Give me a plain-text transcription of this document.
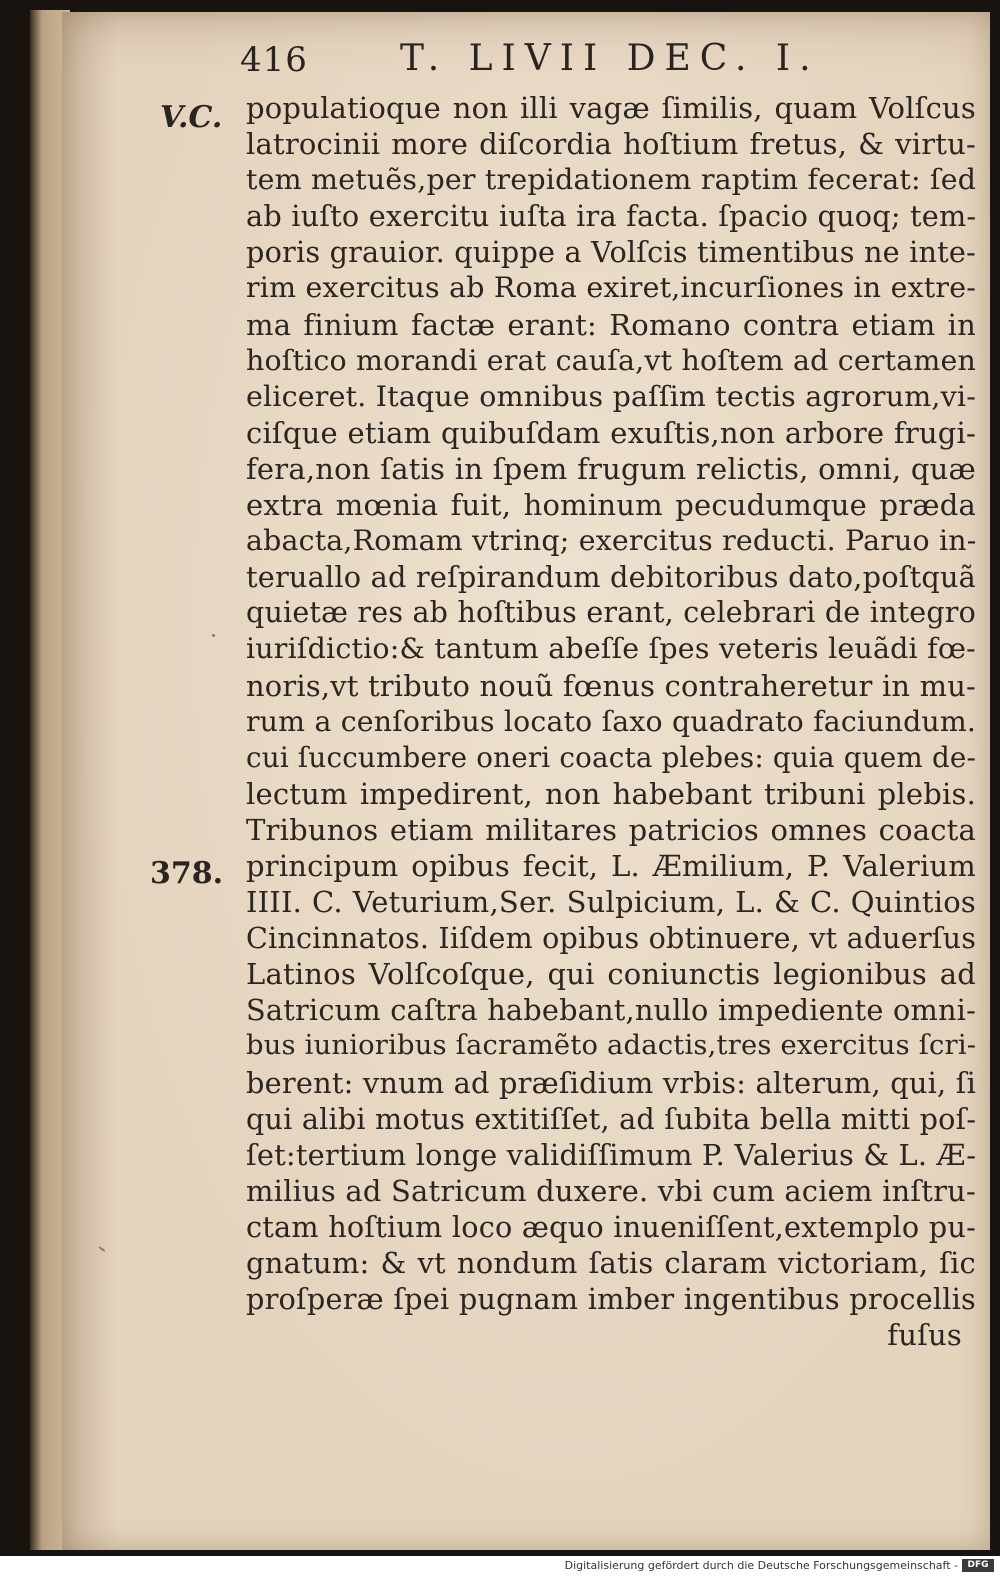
416	T. LIVII DEC. I.
V.C.
378.
populatioque non illi vagæ ſimilis, quam Volſcus
latrocinii more diſcordia hoſtium fretus, & virtu-
tem metuẽs,per trepidationem raptim fecerat: ſed
ab iuſto exercitu iuſta ira facta. ſpacio quoq; tem-
poris grauior. quippe a Volſcis timentibus ne inte-
rim exercitus ab Roma exiret,incurſiones in extre-
ma finium factæ erant: Romano contra etiam in
hoſtico morandi erat cauſa,vt hoſtem ad certamen
eliceret. Itaque omnibus paſſim tectis agrorum,vi-
ciſque etiam quibuſdam exuſtis,non arbore frugi-
fera,non ſatis in ſpem frugum relictis, omni, quæ
extra mœnia fuit, hominum pecudumque præda
abacta,Romam vtrinq; exercitus reducti. Paruo in-
teruallo ad reſpirandum debitoribus dato,poſtquã
quietæ res ab hoſtibus erant, celebrari de integro
iuriſdictio:& tantum abeſſe ſpes veteris leuãdi fœ-
noris,vt tributo nouũ fœnus contraheretur in mu-
rum a cenſoribus locato ſaxo quadrato faciundum.
cui ſuccumbere oneri coacta plebes: quia quem de-
lectum impedirent, non habebant tribuni plebis.
Tribunos etiam militares patricios omnes coacta
principum opibus fecit, L. Æmilium, P. Valerium
IIII. C. Veturium,Ser. Sulpicium, L. & C. Quintios
Cincinnatos. Iiſdem opibus obtinuere, vt aduerſus
Latinos Volſcoſque, qui coniunctis legionibus ad
Satricum caſtra habebant,nullo impediente omni-
bus iunioribus ſacramẽto adactis,tres exercitus ſcri-
berent: vnum ad præſidium vrbis: alterum, qui, ſi
qui alibi motus extitiſſet, ad ſubita bella mitti poſ-
ſet:tertium longe validiſſimum P. Valerius & L. Æ-
milius ad Satricum duxere. vbi cum aciem inſtru-
ctam hoſtium loco æquo inueniſſent,extemplo pu-
gnatum: & vt nondum ſatis claram victoriam, ſic
proſperæ ſpei pugnam imber ingentibus procellis
fuſus
Digitalisierung gefördert durch die Deutsche Forschungsgemeinschaft -	DFG
